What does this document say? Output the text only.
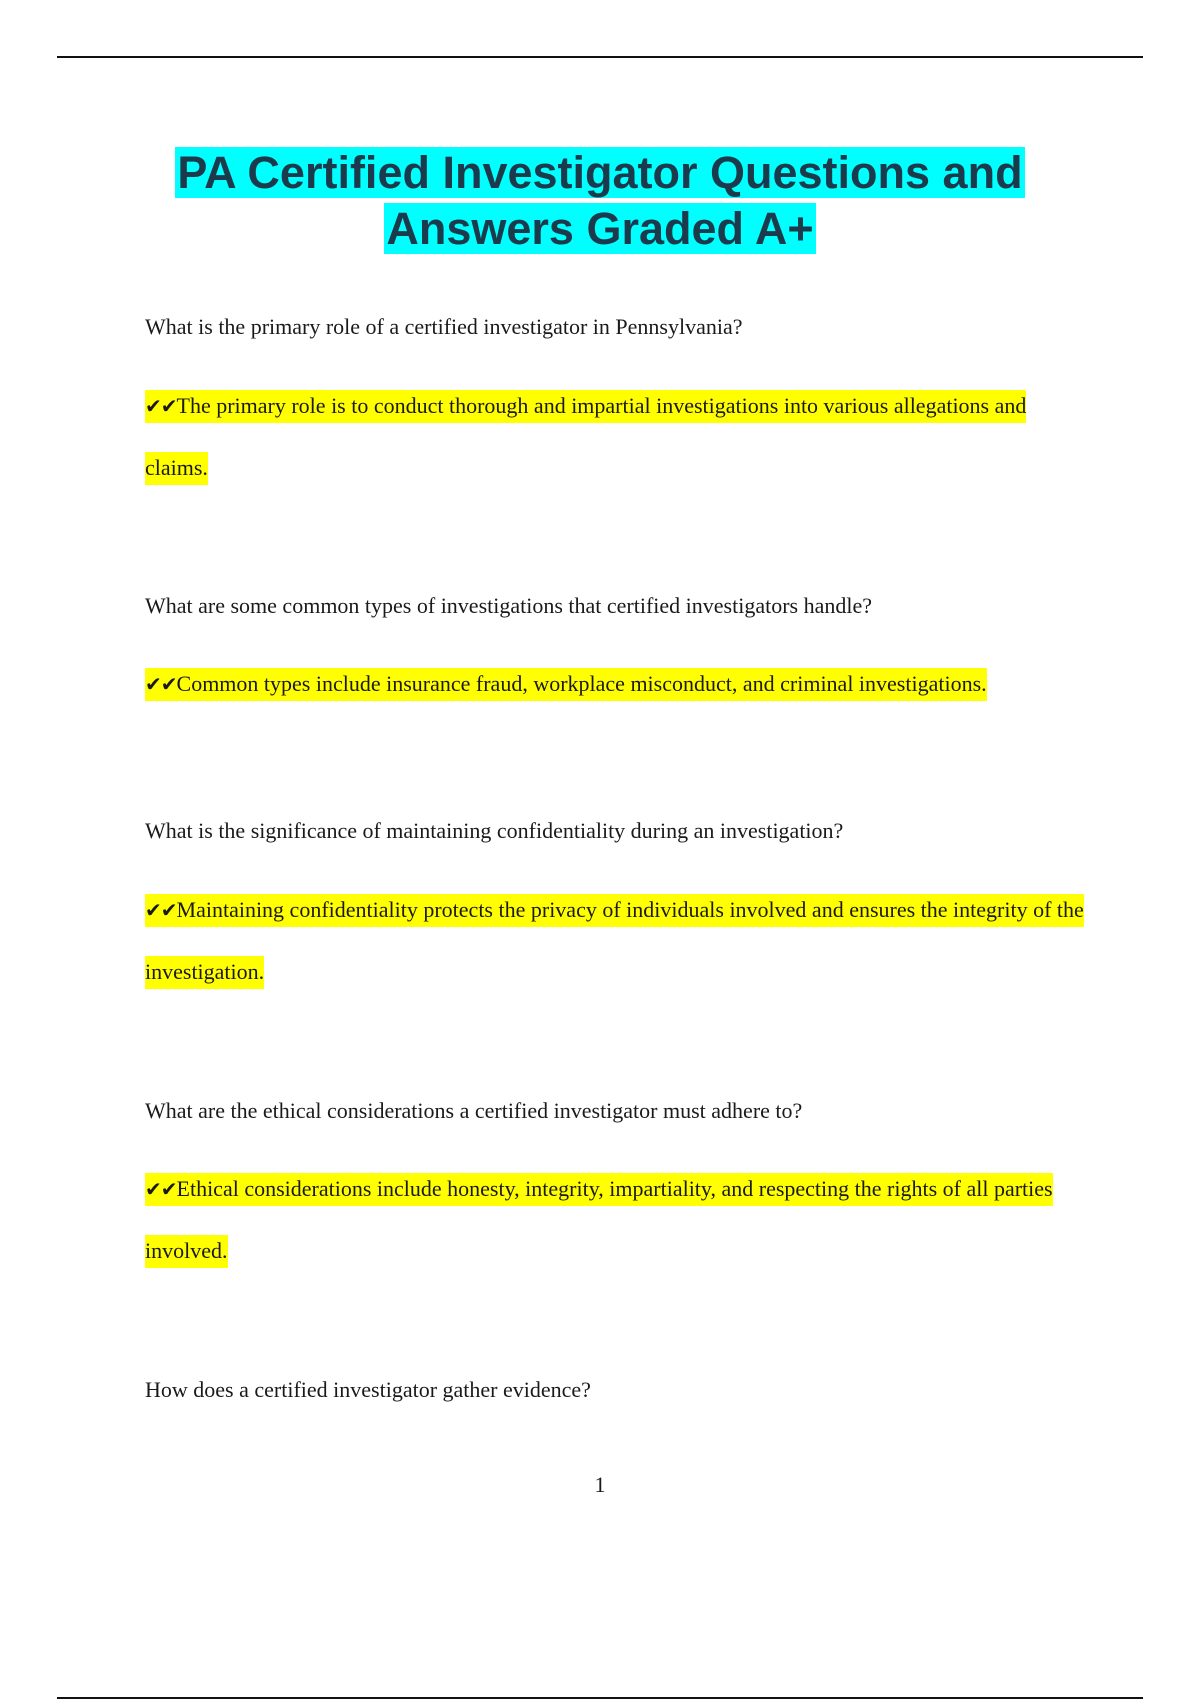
PA Certified Investigator Questions and Answers Graded A+

What is the primary role of a certified investigator in Pennsylvania?

✔✔The primary role is to conduct thorough and impartial investigations into various allegations and claims.

What are some common types of investigations that certified investigators handle?

✔✔Common types include insurance fraud, workplace misconduct, and criminal investigations.

What is the significance of maintaining confidentiality during an investigation?

✔✔Maintaining confidentiality protects the privacy of individuals involved and ensures the integrity of the investigation.

What are the ethical considerations a certified investigator must adhere to?

✔✔Ethical considerations include honesty, integrity, impartiality, and respecting the rights of all parties involved.

How does a certified investigator gather evidence?

1
